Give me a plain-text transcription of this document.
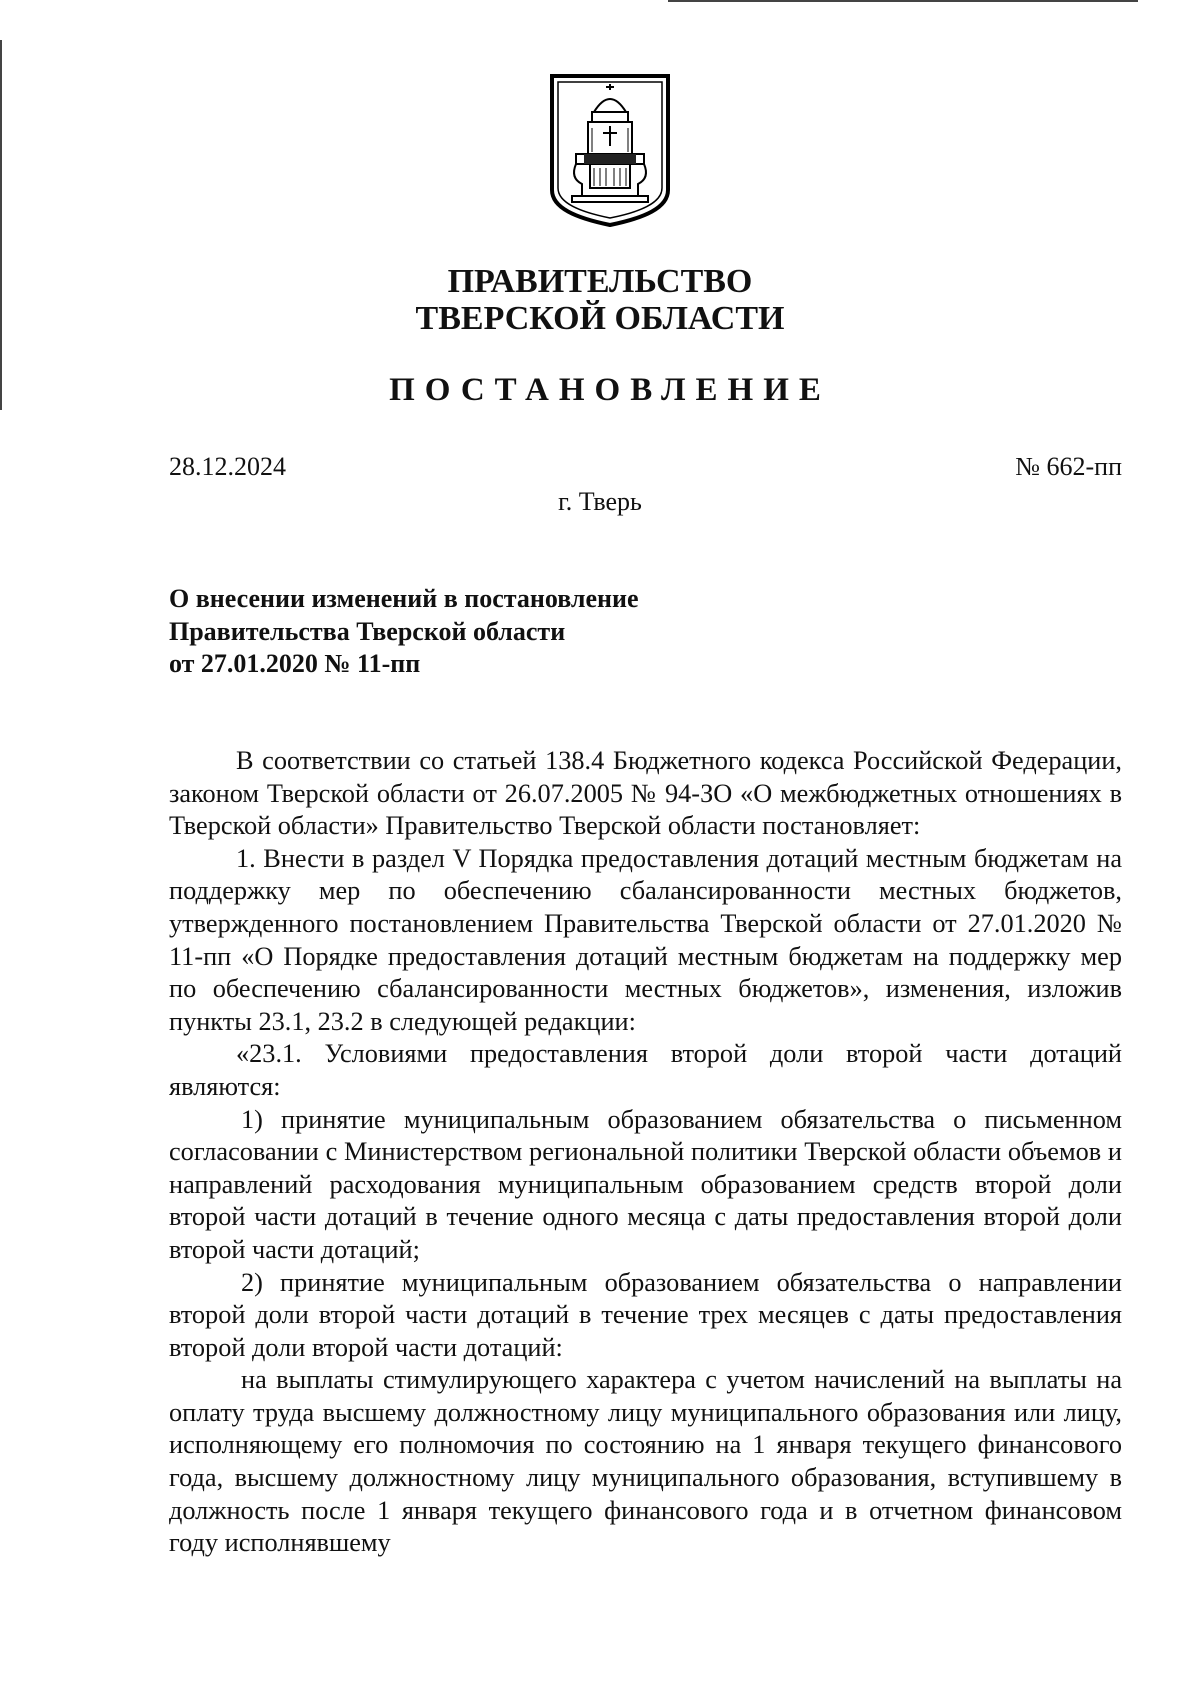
ПРАВИТЕЛЬСТВО
ТВЕРСКОЙ ОБЛАСТИ
ПОСТАНОВЛЕНИЕ
28.12.2024	№ 662-пп
г. Тверь
О внесении изменений в постановление
Правительства Тверской области
от 27.01.2020 № 11-пп

В соответствии со статьей 138.4 Бюджетного кодекса Российской Федерации, законом Тверской области от 26.07.2005 № 94-ЗО «О межбюджетных отношениях в Тверской области» Правительство Тверской области постановляет:

1. Внести в раздел V Порядка предоставления дотаций местным бюджетам на поддержку мер по обеспечению сбалансированности местных бюджетов, утвержденного постановлением Правительства Тверской области от 27.01.2020 № 11-пп «О Порядке предоставления дотаций местным бюджетам на поддержку мер по обеспечению сбалансированности местных бюджетов», изменения, изложив пункты 23.1, 23.2 в следующей редакции:

«23.1. Условиями предоставления второй доли второй части дотаций являются:

1) принятие муниципальным образованием обязательства о письменном согласовании с Министерством региональной политики Тверской области объемов и направлений расходования муниципальным образованием средств второй доли второй части дотаций в течение одного месяца с даты предоставления второй доли второй части дотаций;

2) принятие муниципальным образованием обязательства о направлении второй доли второй части дотаций в течение трех месяцев с даты предоставления второй доли второй части дотаций:

на выплаты стимулирующего характера с учетом начислений на выплаты на оплату труда высшему должностному лицу муниципального образования или лицу, исполняющему его полномочия по состоянию на 1 января текущего финансового года, высшему должностному лицу муниципального образования, вступившему в должность после 1 января текущего финансового года и в отчетном финансовом году исполнявшему
